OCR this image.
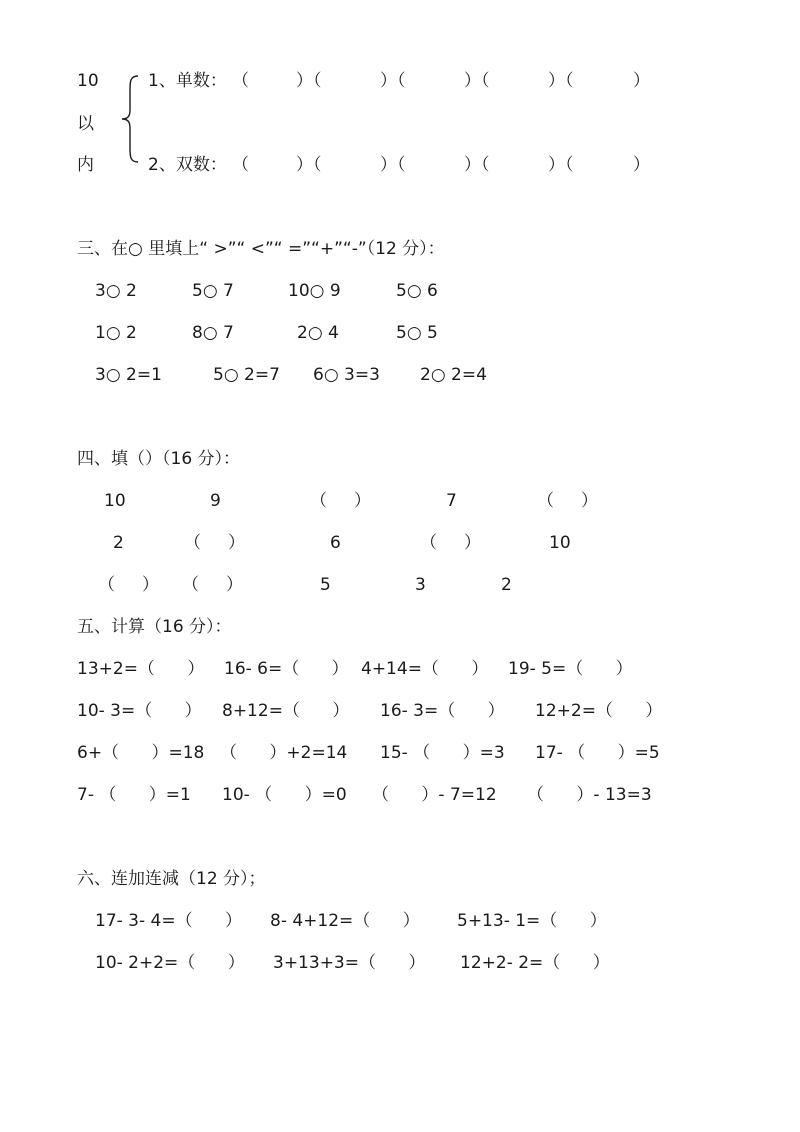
10
以
内
1、单数： （	）（	）（	）（	）（	）
2、双数： （	）（	）（	）（	）（	）
三、在○ 里填上“ >”“ <”“ =”“+”“-”（12 分）：
3○ 2	5○ 7	10○ 9	5○ 6
1○ 2	8○ 7	2○ 4	5○ 5
3○ 2=1	5○ 2=7 6○ 3=3 2○ 2=4
四、填（）（16 分）：
10	9	（     ）	7	（     ）
2	（     ）	6	（     ）	10
（     ） （     ）	5	3	2
五、计算（16 分）：
13+2=（      ） 16- 6=（      ） 4+14=（      ） 19- 5=（      ）
10- 3=（      ） 8+12=（      ） 16- 3=（      ） 12+2=（      ）
6+（      ）=18 （      ）+2=14 15- （      ）=3 17- （      ）=5
7- （      ）=1 10- （      ）=0 （      ）- 7=12 （      ）- 13=3
六、连加连减（12 分）；
17- 3- 4=（      ） 8- 4+12=（      ） 5+13- 1=（      ）
10- 2+2=（      ） 3+13+3=（      ） 12+2- 2=（      ）
